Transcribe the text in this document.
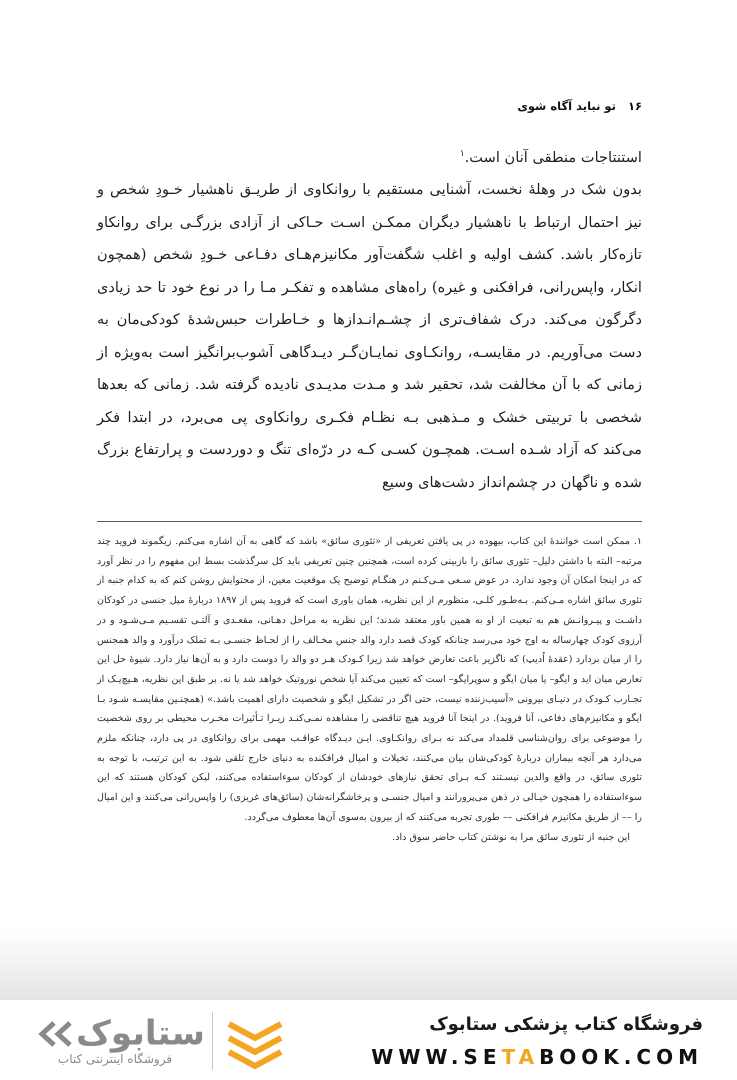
۱۶
تو نباید آگاه شوی

استنتاجات منطقی آنان است.$^۱$

بدون شک در وهلهٔ نخست، آشنایی مستقیم با روانکاوی از طریـق ناهشیار خـودِ شخص و نیز احتمال ارتباط با ناهشیار دیگران ممکـن اسـت حـاکی از آزادی بزرگـی برای روانکاو تازه‌کار باشد. کشف اولیه و اغلب شگفت‌آور مکانیزم‌هـای دفـاعی خـودِ شخص (همچون انکار، واپس‌رانی، فرافکنی و غیره) راه‌های مشاهده و تفکـر مـا را در نوع خود تا حد زیادی دگرگون می‌کند. درک شفاف‌تری از چشـم‌انـدازها و خـاطرات حبس‌شدهٔ کودکی‌مان به دست می‌آوریم. در مقایسـه، روانکـاوی نمایـان‌گـر دیـدگاهی آشوب‌برانگیز است به‌ویژه از زمانی که با آن مخالفت شد، تحقیر شد و مـدت مدیـدی نادیده گرفته شد. زمانی که بعدها شخصی با تربیتی خشک و مـذهبی بـه نظـام فکـری روانکاوی پی می‌برد، در ابتدا فکر می‌کند که آزاد شـده اسـت. همچـون کسـی کـه در درّه‌ای تنگ و دوردست و پرارتفاع بزرگ شده و ناگهان در چشم‌انداز دشت‌های وسیع

۱. ممکن است خوانندهٔ این کتاب، بیهوده در پی یافتن تعریفی از «تئوری سائق» باشد که گاهی به آن اشاره می‌کنم. زیگموند فروید چند مرتبه– البته با داشتن دلیل– تئوری سائق را بازبینی کرده است، همچنین چنین تعریفی باید کل سرگذشت بسط این مفهوم را در نظر آورد که در اینجا امکان آن وجود ندارد. در عوض سـعی مـی‌کـنم در هنگـام توضیح یک موقعیت معین، از محتوایش روشن کنم که به کدام جنبه از تئوری سائق اشاره مـی‌کنم. بـه‌طـور کلـی، منظورم از این نظریه، همان باوری است که فروید پس از ۱۸۹۷ دربارهٔ میل جنسی در کودکان داشـت و پیـروانـش هم به تبعیت از او به همین باور معتقد شدند؛ این نظریه به مراحل دهـانی، مقعـدی و آلتـی تقسـیم مـی‌شـود و در آرزوی کودک چهارساله به اوج خود می‌رسد چنانکه کودک قصد دارد والد جنس مخـالف را از لحـاظ جنسـی بـه تملک درآورد و والد همجنس را از میان بردارد (عقدهٔ اُدیپ) که ناگزیر باعث تعارض خواهد شد زیرا کـودک هـر دو والد را دوست دارد و به آن‌ها نیاز دارد. شیوهٔ حل این تعارض میان اید و ایگو– یا میان ایگو و سوپرایگو– است که تعیین می‌کند آیا شخص نوروتیک خواهد شد یا نه. بر طبق این نظریه، هـیچ‌یـک از تجـارب کـودک در دنیـای بیرونی «آسیب‌زننده نیست، حتی اگر در تشکیل ایگو و شخصیت دارای اهمیت باشد.» (همچنـین مقایسـه شـود بـا ایگو و مکانیزم‌های دفاعی، آنا فروید). در اینجا آنا فروید هیچ تناقضی را مشاهده نمـی‌کنـد زیـرا تـأثیرات مخـرب محیطی بر روی شخصیت را موضوعی برای روان‌شناسی قلمداد می‌کند نه بـرای روانکـاوی. ایـن دیـدگاه عواقـب مهمی برای روانکاوی در پی دارد، چنانکه ملزم می‌دارد هر آنچه بیماران دربارهٔ کودکی‌شان بیان می‌کنند، تخیلات و امیال فرافکنده به دنیای خارج تلقی شود. به این ترتیب، با توجه به تئوری سائق، در واقع والدین نیسـتند کـه بـرای تحقق نیازهای خودشان از کودکان سوءاستفاده می‌کنند، لیکن کودکان هستند که این سوءاستفاده را همچون خیـالی در ذهن می‌پرورانند و امیال جنسـی و پرخاشگرانه‌شان (سائق‌های غریزی) را واپس‌رانی می‌کنند و این امیال را –– از طریق مکانیزم فرافکنی –– طوری تجربه می‌کنند که از بیرون به‌سوی آن‌ها معطوف می‌گردد.

این جنبه از تئوری سائق مرا به نوشتن کتاب حاضر سوق داد.

فروشگاه کتاب پزشکی ستابوک
WWW.SETABOOK.COM
ستابوک
فروشگاه اینترنتی کتاب
